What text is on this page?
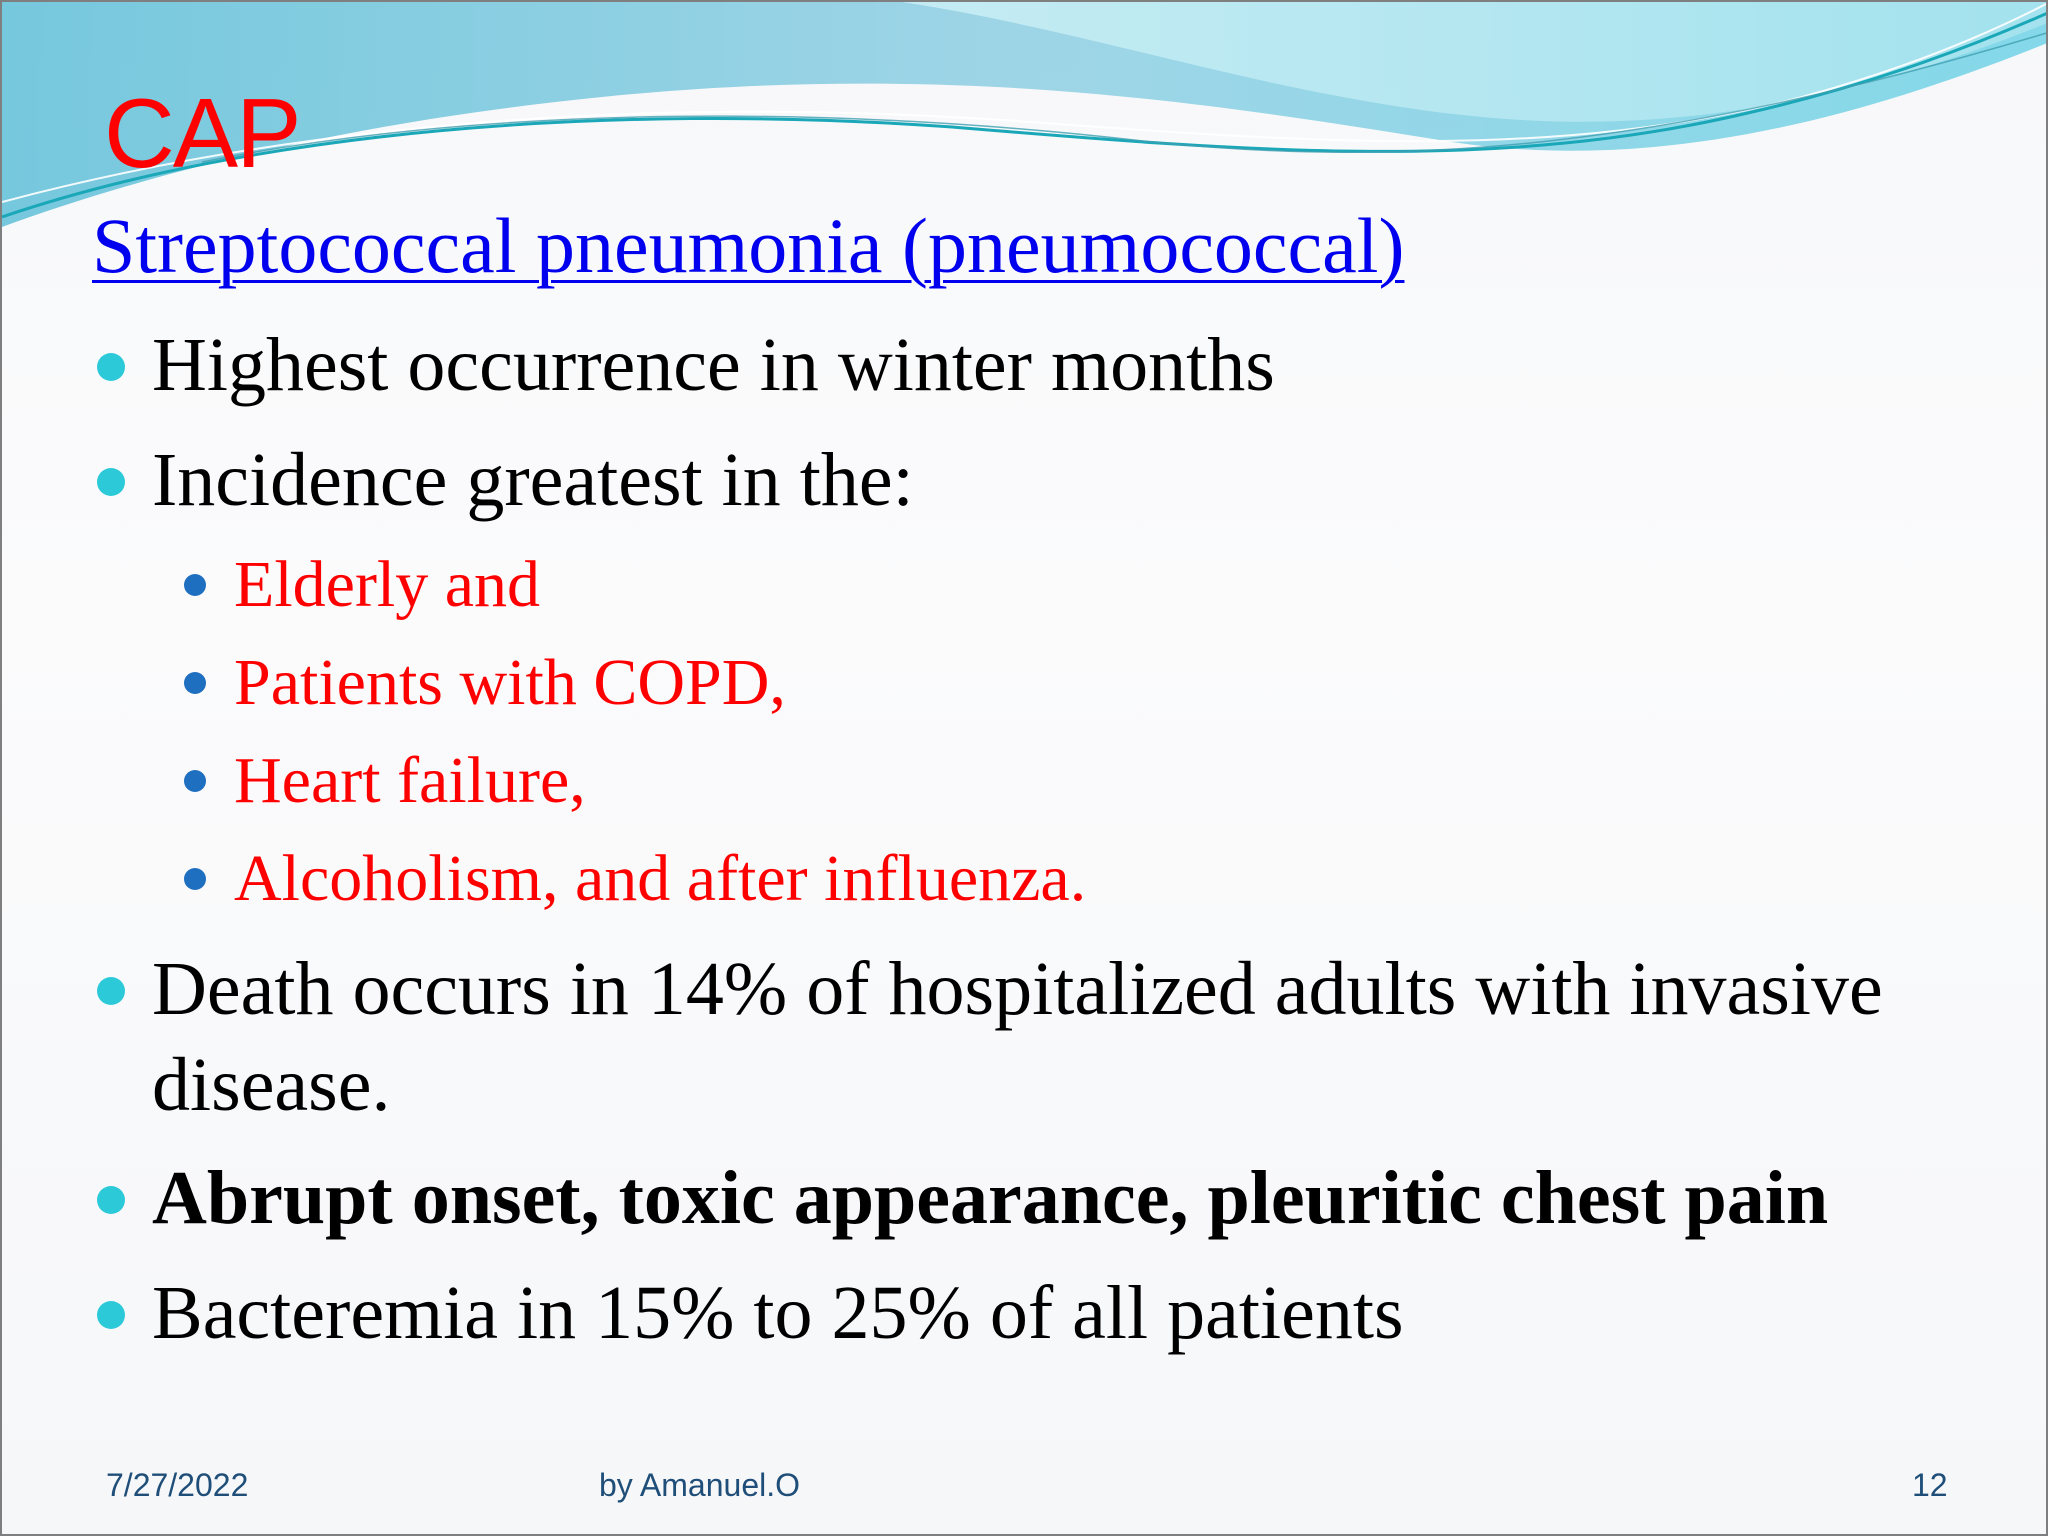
CAP
Streptococcal pneumonia (pneumococcal)
Highest occurrence in winter months
Incidence greatest in the:
Elderly and
Patients with COPD,
Heart failure,
Alcoholism, and after influenza.
Death occurs in 14% of hospitalized adults with invasive disease.
Abrupt onset, toxic appearance, pleuritic chest pain
Bacteremia in 15% to 25% of all patients
7/27/2022	by Amanuel.O	12
